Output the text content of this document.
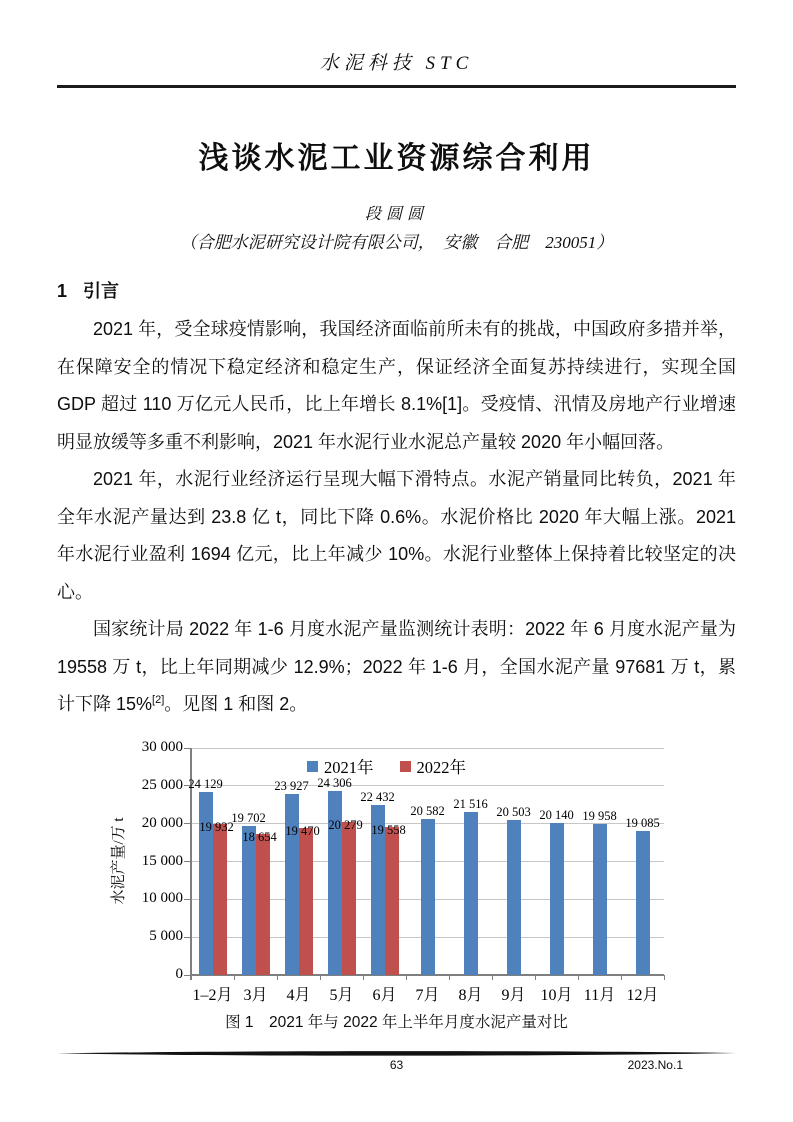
水泥科技 STC
浅谈水泥工业资源综合利用
段圆圆
（合肥水泥研究设计院有限公司，　安徽　合肥　230051）
1 引言

2021 年，受全球疫情影响，我国经济面临前所未有的挑战，中国政府多措并举，在保障安全的情况下稳定经济和稳定生产，保证经济全面复苏持续进行，实现全国 GDP 超过 110 万亿元人民币，比上年增长 8.1%[1]。受疫情、汛情及房地产行业增速明显放缓等多重不利影响，2021 年水泥行业水泥总产量较 2020 年小幅回落。

2021 年，水泥行业经济运行呈现大幅下滑特点。水泥产销量同比转负，2021 年全年水泥产量达到 23.8 亿 t，同比下降 0.6%。水泥价格比 2020 年大幅上涨。2021 年水泥行业盈利 1694 亿元，比上年减少 10%。水泥行业整体上保持着比较坚定的决心。

国家统计局 2022 年 1-6 月度水泥产量监测统计表明：2022 年 6 月度水泥产量为 19558 万 t，比上年同期减少 12.9%；2022 年 1-6 月，全国水泥产量 97681 万 t，累计下降 15%[2]。见图 1 和图 2。

0
5 000
10 000
15 000
20 000
25 000
30 000
1–2月 3月	4月	5月	6月	7月	8月	9月 10月 11月 12月
24 129
19 932
19 702
18 654
23 927
19 470
24 306
20 279
22 432
19 558
20 582
21 516
20 503 20 140 19 958 19 085
2021年	2022年
水泥产量/万 t
图 1　2021 年与 2022 年上半年月度水泥产量对比
63	2023.No.1
